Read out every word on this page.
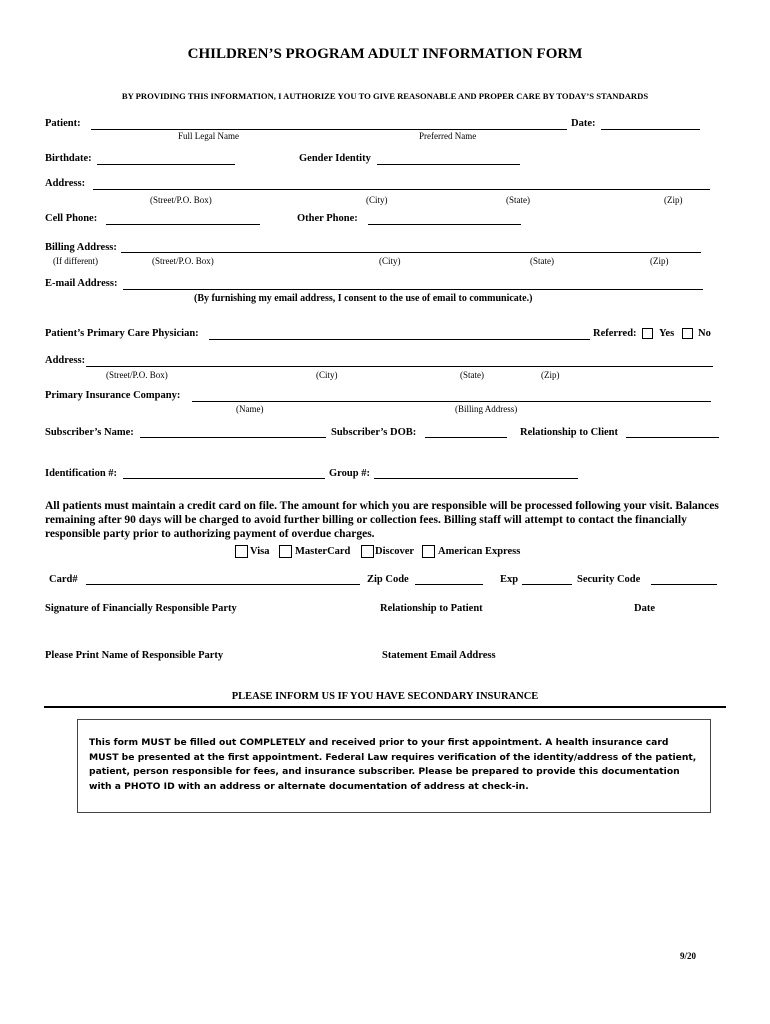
CHILDREN’S PROGRAM ADULT INFORMATION FORM
BY PROVIDING THIS INFORMATION, I AUTHORIZE YOU TO GIVE REASONABLE AND PROPER CARE BY TODAY’S STANDARDS
Patient:	Date:
Full Legal Name	Preferred Name
Birthdate:	Gender Identity
Address:
(Street/P.O. Box)	(City)	(State)	(Zip)
Cell Phone:	Other Phone:
Billing Address:
(If different)	(Street/P.O. Box)	(City)	(State)	(Zip)
E-mail Address:
(By furnishing my email address, I consent to the use of email to communicate.)
Patient’s Primary Care Physician:	Referred: Yes No
Address:
(Street/P.O. Box)	(City)	(State)	(Zip)
Primary Insurance Company:
(Name)	(Billing Address)
Subscriber’s Name:	Subscriber’s DOB:	Relationship to Client
Identification #:	Group #:
All patients must maintain a credit card on file. The amount for which you are responsible will be processed following your visit. Balances remaining after 90 days will be charged to avoid further billing or collection fees. Billing staff will attempt to contact the financially responsible party prior to authorizing payment of overdue charges.
Visa MasterCard Discover American Express
Card#	Zip Code	Exp	Security Code
Signature of Financially Responsible Party	Relationship to Patient	Date
Please Print Name of Responsible Party	Statement Email Address
PLEASE INFORM US IF YOU HAVE SECONDARY INSURANCE

This form MUST be filled out COMPLETELY and received prior to your first appointment. A health insurance card MUST be presented at the first appointment. Federal Law requires verification of the identity/address of the patient, patient, person responsible for fees, and insurance subscriber. Please be prepared to provide this documentation with a PHOTO ID with an address or alternate documentation of address at check-in.

9/20
